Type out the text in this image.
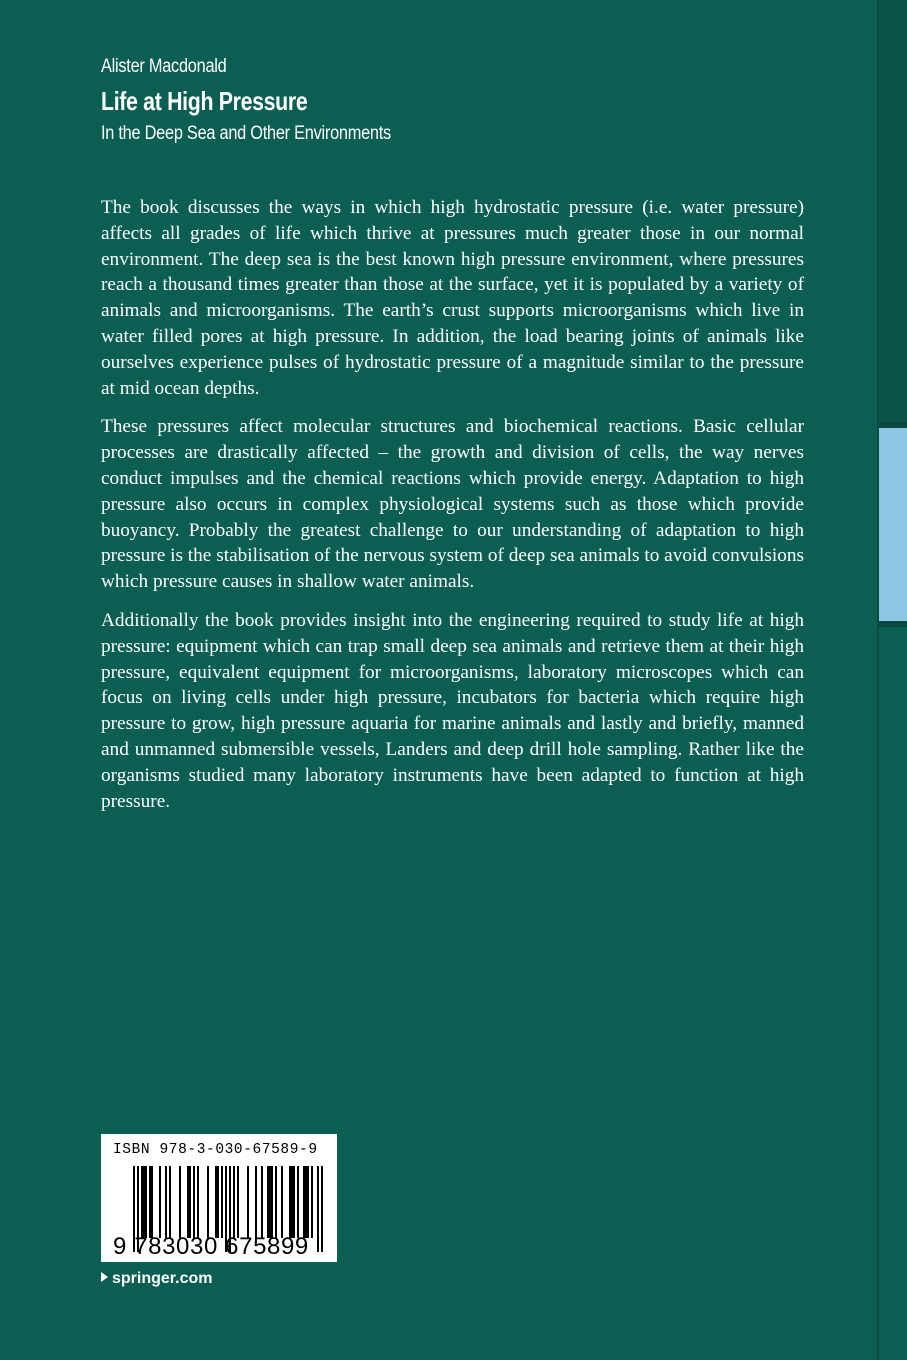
Alister Macdonald
Life at High Pressure
In the Deep Sea and Other Environments

The book discusses the ways in which high hydrostatic pressure (i.e. water pressure) affects all grades of life which thrive at pressures much greater those in our normal environment. The deep sea is the best known high pressure environment, where pressures reach a thousand times greater than those at the surface, yet it is populated by a variety of animals and microorganisms. The earth’s crust supports microorganisms which live in water filled pores at high pressure. In addition, the load bearing joints of animals like ourselves experience pulses of hydrostatic pressure of a magnitude similar to the pressure at mid ocean depths.

These pressures affect molecular structures and biochemical reactions. Basic cellular processes are drastically affected – the growth and division of cells, the way nerves conduct impulses and the chemical reactions which provide energy. Adaptation to high pressure also occurs in complex physiological systems such as those which provide buoyancy. Probably the greatest challenge to our understanding of adaptation to high pressure is the stabilisation of the nervous system of deep sea animals to avoid convulsions which pressure causes in shallow water animals.

Additionally the book provides insight into the engineering required to study life at high pressure: equipment which can trap small deep sea animals and retrieve them at their high pressure, equivalent equipment for microorganisms, laboratory microscopes which can focus on living cells under high pressure, incubators for bacteria which require high pressure to grow, high pressure aquaria for marine animals and lastly and briefly, manned and unmanned submersible vessels, Landers and deep drill hole sampling. Rather like the organisms studied many laboratory instruments have been adapted to function at high pressure.

ISBN 978-3-030-67589-9
9 783030 675899
springer.com
